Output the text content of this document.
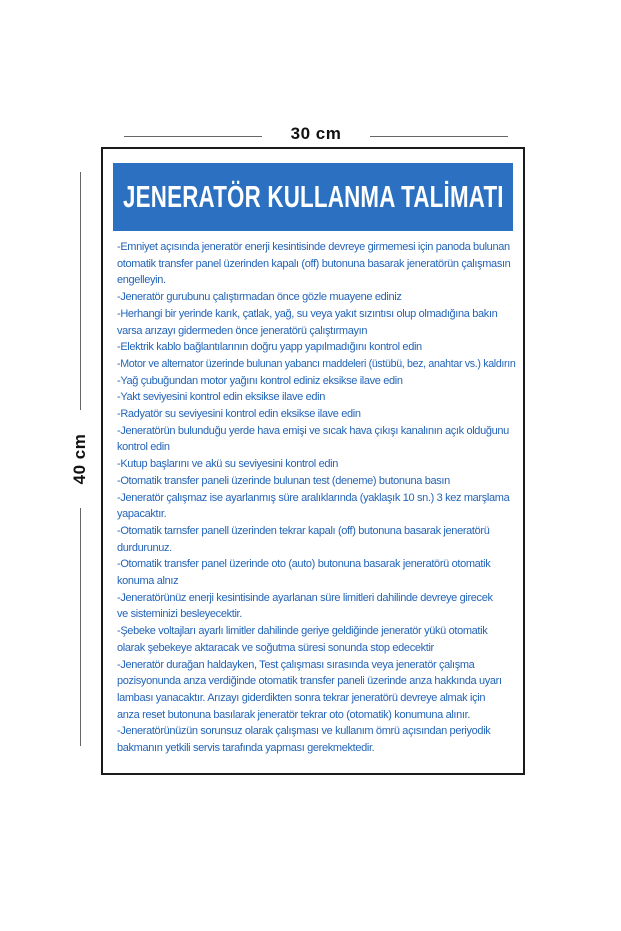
30 cm
40 cm
JENERATÖR KULLANMA TALİMATI

-Emniyet açısında jeneratör enerji kesintisinde devreye girmemesi için panoda bulunan

otomatik transfer panel üzerinden kapalı (off) butonuna basarak jeneratörün çalışmasın

engelleyin.

-Jeneratör gurubunu çalıştırmadan önce gözle muayene ediniz

-Herhangi bir yerinde karık, çatlak, yağ, su veya yakıt sızıntısı olup olmadığına bakın

varsa arızayı gidermeden önce jeneratörü çalıştırmayın

-Elektrik kablo bağlantılarının doğru yapp yapılmadığını kontrol edin

-Motor ve alternator üzerinde bulunan yabancı maddeleri (üstübü, bez, anahtar vs.) kaldırın

-Yağ çubuğundan motor yağını kontrol ediniz eksikse ilave edin

-Yakt seviyesini kontrol edin eksikse ilave edin

-Radyatör su seviyesini kontrol edin eksikse ilave edin

-Jeneratörün bulunduğu yerde hava emişi ve sıcak hava çıkışı kanalının açık olduğunu

kontrol edin

-Kutup başlarını ve akü su seviyesini kontrol edin

-Otomatik transfer paneli üzerinde bulunan test (deneme) butonuna basın

-Jeneratör çalışmaz ise ayarlanmış süre aralıklarında (yaklaşık 10 sn.) 3 kez marşlama

yapacaktır.

-Otomatik tarnsfer panell üzerinden tekrar kapalı (off) butonuna basarak jeneratörü

durdurunuz.

-Otomatik transfer panel üzerinde oto (auto) butonuna basarak jeneratörü otomatik

konuma alnız

-Jeneratörünüz enerji kesintisinde ayarlanan süre limitleri dahilinde devreye girecek

ve sisteminizi besleyecektir.

-Şebeke voltajları ayarlı limitler dahilinde geriye geldiğinde jeneratör yükü otomatik

olarak şebekeye aktaracak ve soğutma süresi sonunda stop edecektir

-Jeneratör durağan haldayken, Test çalışması sırasında veya jeneratör çalışma

pozisyonunda anza verdiğinde otomatik transfer paneli üzerinde anza hakkında uyarı

lambası yanacaktır. Arızayı giderdikten sonra tekrar jeneratörü devreye almak için

anza reset butonuna basılarak jeneratör tekrar oto (otomatik) konumuna alınır.

-Jeneratörünüzün sorunsuz olarak çalışması ve kullanım ömrü açısından periyodik

bakmanın yetkili servis tarafında yapması gerekmektedir.
